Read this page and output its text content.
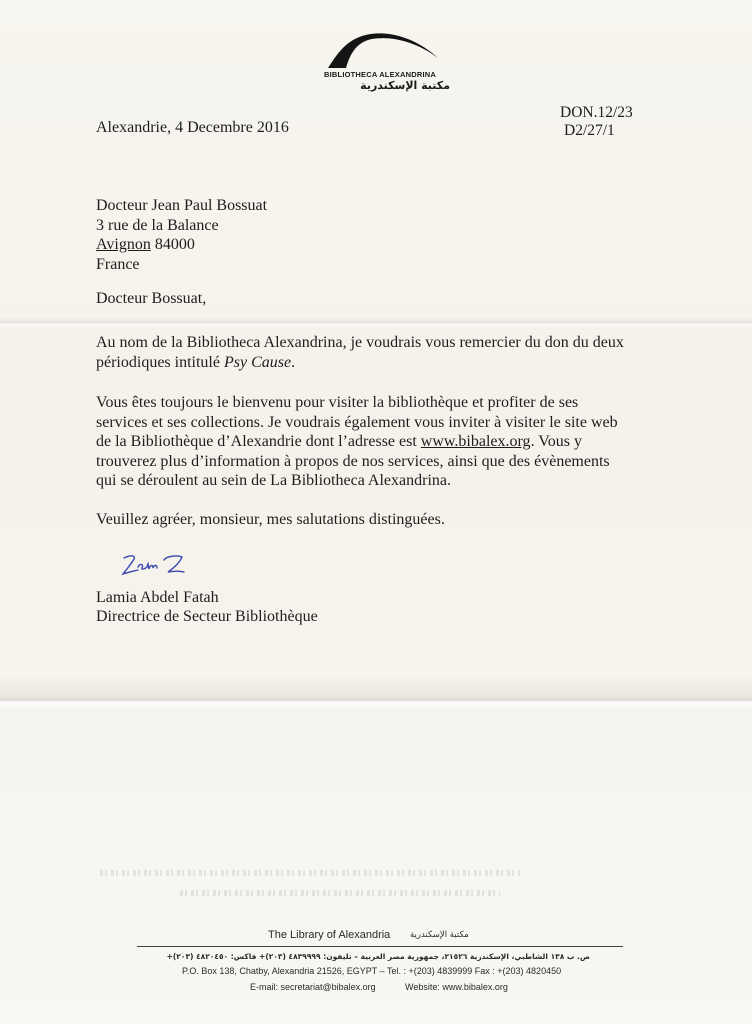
BIBLIOTHECA ALEXANDRINA
مكتبة الإسكندرية
DON.12/23
D2/27/1
Alexandrie, 4 Decembre 2016
Docteur Jean Paul Bossuat
3 rue de la Balance
Avignon 84000
France
Docteur Bossuat,
Au nom de la Bibliotheca Alexandrina, je voudrais vous remercier du don du deux
périodiques intitulé Psy Cause.
Vous êtes toujours le bienvenu pour visiter la bibliothèque et profiter de ses
services et ses collections. Je voudrais également vous inviter à visiter le site web
de la Bibliothèque d’Alexandrie dont l’adresse est www.bibalex.org. Vous y
trouverez plus d’information à propos de nos services, ainsi que des évènements
qui se déroulent au sein de La Bibliotheca Alexandrina.
Veuillez agréer, monsieur, mes salutations distinguées.
Lamia Abdel Fatah
Directrice de Secteur Bibliothèque
The Library of Alexandria مكتبة الإسكندرية
ص. ب ١٣٨ الشاطبي، الإسكندرية ٢١٥٢٦، جمهورية مصر العربية – تليفون: ٤٨٣٩٩٩٩ (٢٠٣)+ فاكس: ٤٨٢٠٤٥٠ (٢٠٣)+
P.O. Box 138, Chatby, Alexandria 21526, EGYPT – Tel. : +(203) 4839999 Fax : +(203) 4820450
E-mail: secretariat@bibalex.org	Website: www.bibalex.org
